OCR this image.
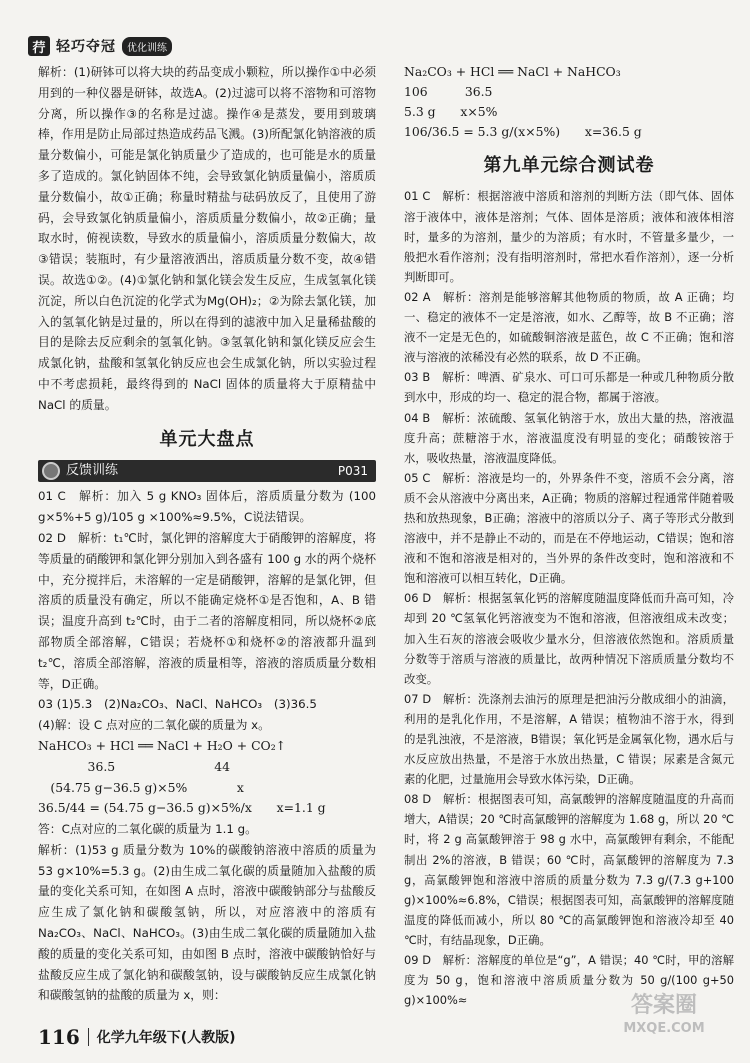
荇 轻巧夺冠	优化训练

解析：(1)研钵可以将大块的药品变成小颗粒，所以操作①中必须用到的一种仪器是研钵，故选A。(2)过滤可以将不溶物和可溶物分离，所以操作③的名称是过滤。操作④是蒸发，要用到玻璃棒，作用是防止局部过热造成药品飞溅。(3)所配氯化钠溶液的质量分数偏小，可能是氯化钠质量少了造成的，也可能是水的质量多了造成的。氯化钠固体不纯，会导致氯化钠质量偏小，溶质质量分数偏小，故①正确；称量时精盐与砝码放反了，且使用了游码，会导致氯化钠质量偏小，溶质质量分数偏小，故②正确；量取水时，俯视读数，导致水的质量偏小，溶质质量分数偏大，故③错误；装瓶时，有少量溶液洒出，溶质质量分数不变，故④错误。故选①②。(4)①氯化钠和氯化镁会发生反应，生成氢氧化镁沉淀，所以白色沉淀的化学式为Mg(OH)₂；②为除去氯化镁，加入的氢氧化钠是过量的，所以在得到的滤液中加入足量稀盐酸的目的是除去反应剩余的氢氧化钠。③氢氧化钠和氯化镁反应会生成氯化钠，盐酸和氢氧化钠反应也会生成氯化钠，所以实验过程中不考虑损耗，最终得到的 NaCl 固体的质量将大于原精盐中 NaCl 的质量。

单元大盘点
反馈训练	P031

01 C　解析：加入 5 g KNO₃ 固体后，溶质质量分数为 (100 g×5%+5 g)/105 g ×100%≈9.5%，C说法错误。

02 D　解析：t₁℃时，氯化钾的溶解度大于硝酸钾的溶解度，将等质量的硝酸钾和氯化钾分别加入到各盛有 100 g 水的两个烧杯中，充分搅拌后，未溶解的一定是硝酸钾，溶解的是氯化钾，但溶质的质量没有确定，所以不能确定烧杯①是否饱和，A、B 错误；温度升高到 t₂℃时，由于二者的溶解度相同，所以烧杯②底部物质全部溶解，C错误；若烧杯①和烧杯②的溶液都升温到 t₂℃，溶质全部溶解，溶液的质量相等，溶液的溶质质量分数相等，D正确。

03 (1)5.3　(2)Na₂CO₃、NaCl、NaHCO₃　(3)36.5

(4)解：设 C 点对应的二氧化碳的质量为 x。

NaHCO₃ + HCl ══ NaCl + H₂O + CO₂↑

　　　　36.5　　　　　　　　44

　(54.75 g−36.5 g)×5%　　　　x

36.5/44 = (54.75 g−36.5 g)×5%/x　　x=1.1 g

答：C点对应的二氧化碳的质量为 1.1 g。

解析：(1)53 g 质量分数为 10%的碳酸钠溶液中溶质的质量为 53 g×10%=5.3 g。(2)由生成二氧化碳的质量随加入盐酸的质量的变化关系可知，在如图 A 点时，溶液中碳酸钠部分与盐酸反应生成了氯化钠和碳酸氢钠，所以，对应溶液中的溶质有 Na₂CO₃、NaCl、NaHCO₃。(3)由生成二氧化碳的质量随加入盐酸的质量的变化关系可知，由如图 B 点时，溶液中碳酸钠恰好与盐酸反应生成了氯化钠和碳酸氢钠，设与碳酸钠反应生成氯化钠和碳酸氢钠的盐酸的质量为 x，则：

Na₂CO₃ + HCl ══ NaCl + NaHCO₃

106　　　36.5

5.3 g　　x×5%

106/36.5 = 5.3 g/(x×5%)　　x=36.5 g

第九单元综合测试卷

01 C　解析：根据溶液中溶质和溶剂的判断方法（即气体、固体溶于液体中，液体是溶剂；气体、固体是溶质；液体和液体相溶时，量多的为溶剂，量少的为溶质；有水时，不管量多量少，一般把水看作溶剂；没有指明溶剂时，常把水看作溶剂），逐一分析判断即可。

02 A　解析：溶剂是能够溶解其他物质的物质，故 A 正确；均一、稳定的液体不一定是溶液，如水、乙醇等，故 B 不正确；溶液不一定是无色的，如硫酸铜溶液是蓝色，故 C 不正确；饱和溶液与溶液的浓稀没有必然的联系，故 D 不正确。

03 B　解析：啤酒、矿泉水、可口可乐都是一种或几种物质分散到水中，形成的均一、稳定的混合物，都属于溶液。

04 B　解析：浓硫酸、氢氧化钠溶于水，放出大量的热，溶液温度升高；蔗糖溶于水，溶液温度没有明显的变化；硝酸铵溶于水，吸收热量，溶液温度降低。

05 C　解析：溶液是均一的，外界条件不变，溶质不会分离，溶质不会从溶液中分离出来，A正确；物质的溶解过程通常伴随着吸热和放热现象，B正确；溶液中的溶质以分子、离子等形式分散到溶液中，并不是静止不动的，而是在不停地运动，C错误；饱和溶液和不饱和溶液是相对的，当外界的条件改变时，饱和溶液和不饱和溶液可以相互转化，D正确。

06 D　解析：根据氢氧化钙的溶解度随温度降低而升高可知，冷却到 20 ℃氢氧化钙溶液变为不饱和溶液，但溶液组成未改变；加入生石灰的溶液会吸收少量水分，但溶液依然饱和。溶质质量分数等于溶质与溶液的质量比，故两种情况下溶质质量分数均不改变。

07 D　解析：洗涤剂去油污的原理是把油污分散成细小的油滴，利用的是乳化作用，不是溶解，A 错误；植物油不溶于水，得到的是乳浊液，不是溶液，B错误；氧化钙是金属氧化物，遇水后与水反应放出热量，不是溶于水放出热量，C 错误；尿素是含氮元素的化肥，过量施用会导致水体污染，D正确。

08 D　解析：根据图表可知，高氯酸钾的溶解度随温度的升高而增大，A错误；20 ℃时高氯酸钾的溶解度为 1.68 g，所以 20 ℃时，将 2 g 高氯酸钾溶于 98 g 水中，高氯酸钾有剩余，不能配制出 2%的溶液，B 错误；60 ℃时，高氯酸钾的溶解度为 7.3 g，高氯酸钾饱和溶液中溶质的质量分数为 7.3 g/(7.3 g+100 g)×100%≈6.8%，C错误；根据图表可知，高氯酸钾的溶解度随温度的降低而减小，所以 80 ℃的高氯酸钾饱和溶液冷却至 40 ℃时，有结晶现象，D正确。

09 D　解析：溶解度的单位是“g”，A 错误；40 ℃时，甲的溶解度为 50 g，饱和溶液中溶质质量分数为 50 g/(100 g+50 g)×100%≈

116 化学九年级下(人教版)
答案圈
MXQE.COM
